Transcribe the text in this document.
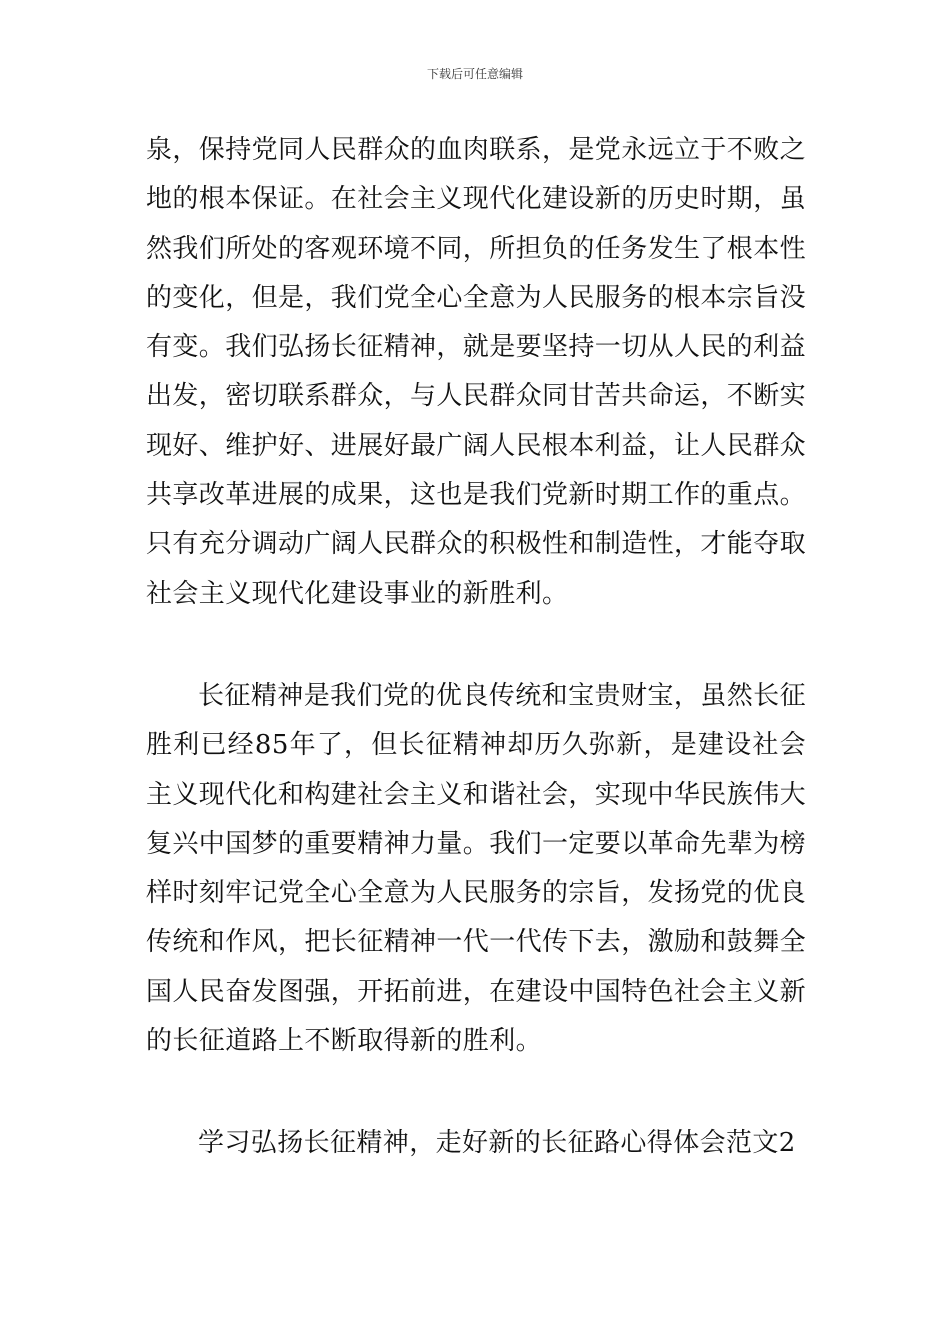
下载后可任意编辑

泉，保持党同人民群众的血肉联系，是党永远立于不败之地的根本保证。在社会主义现代化建设新的历史时期，虽然我们所处的客观环境不同，所担负的任务发生了根本性的变化，但是，我们党全心全意为人民服务的根本宗旨没有变。我们弘扬长征精神，就是要坚持一切从人民的利益出发，密切联系群众，与人民群众同甘苦共命运，不断实现好、维护好、进展好最广阔人民根本利益，让人民群众共享改革进展的成果，这也是我们党新时期工作的重点。只有充分调动广阔人民群众的积极性和制造性，才能夺取社会主义现代化建设事业的新胜利。

长征精神是我们党的优良传统和宝贵财宝，虽然长征胜利已经85年了，但长征精神却历久弥新，是建设社会主义现代化和构建社会主义和谐社会，实现中华民族伟大复兴中国梦的重要精神力量。我们一定要以革命先辈为榜样时刻牢记党全心全意为人民服务的宗旨，发扬党的优良传统和作风，把长征精神一代一代传下去，激励和鼓舞全国人民奋发图强，开拓前进，在建设中国特色社会主义新的长征道路上不断取得新的胜利。

学习弘扬长征精神，走好新的长征路心得体会范文2
